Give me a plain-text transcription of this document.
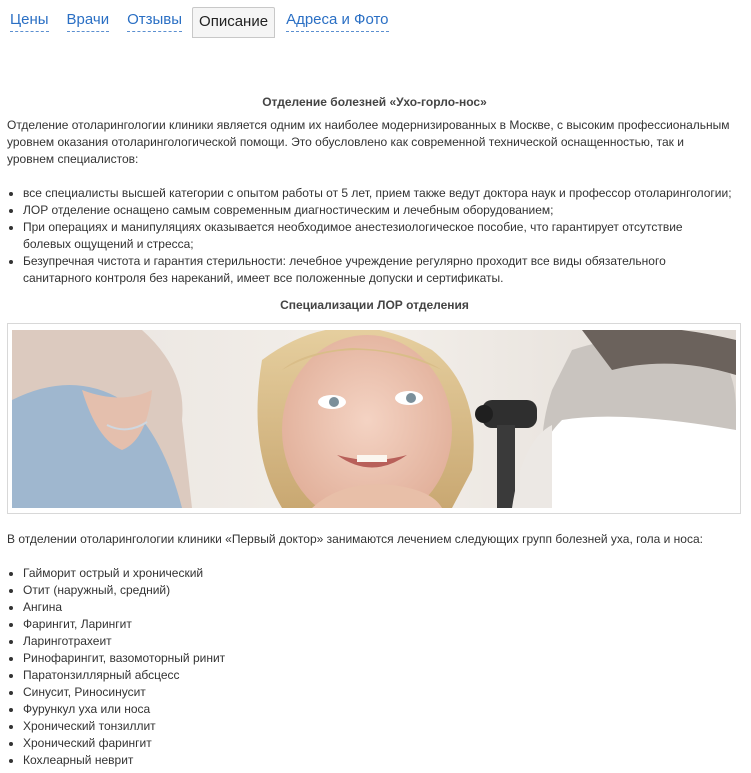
Цены Врачи Отзывы	Описание	Адреса и Фото
Отделение болезней «Ухо-горло-нос»

Отделение отоларингологии клиники является одним их наиболее модернизированных в Москве, с высоким профессиональным уровнем оказания отоларингологической помощи. Это обусловлено как современной технической оснащенностью, так и уровнем специалистов:

все специалисты высшей категории с опытом работы от 5 лет, прием также ведут доктора наук и профессор отоларингологии;
ЛОР отделение оснащено самым современным диагностическим и лечебным оборудованием;
При операциях и манипуляциях оказывается необходимое анестезиологическое пособие, что гарантирует отсутствие болевых ощущений и стресса;
Безупречная чистота и гарантия стерильности: лечебное учреждение регулярно проходит все виды обязательного санитарного контроля без нареканий, имеет все положенные допуски и сертификаты.
Специализации ЛОР отделения

В отделении отоларингологии клиники «Первый доктор» занимаются лечением следующих групп болезней уха, гола и носа:

Гайморит острый и хронический
Отит (наружный, средний)
Ангина
Фарингит, Ларингит
Ларинготрахеит
Ринофарингит, вазомоторный ринит
Паратонзиллярный абсцесс
Синусит, Риносинусит
Фурункул уха или носа
Хронический тонзиллит
Хронический фарингит
Кохлеарный неврит
